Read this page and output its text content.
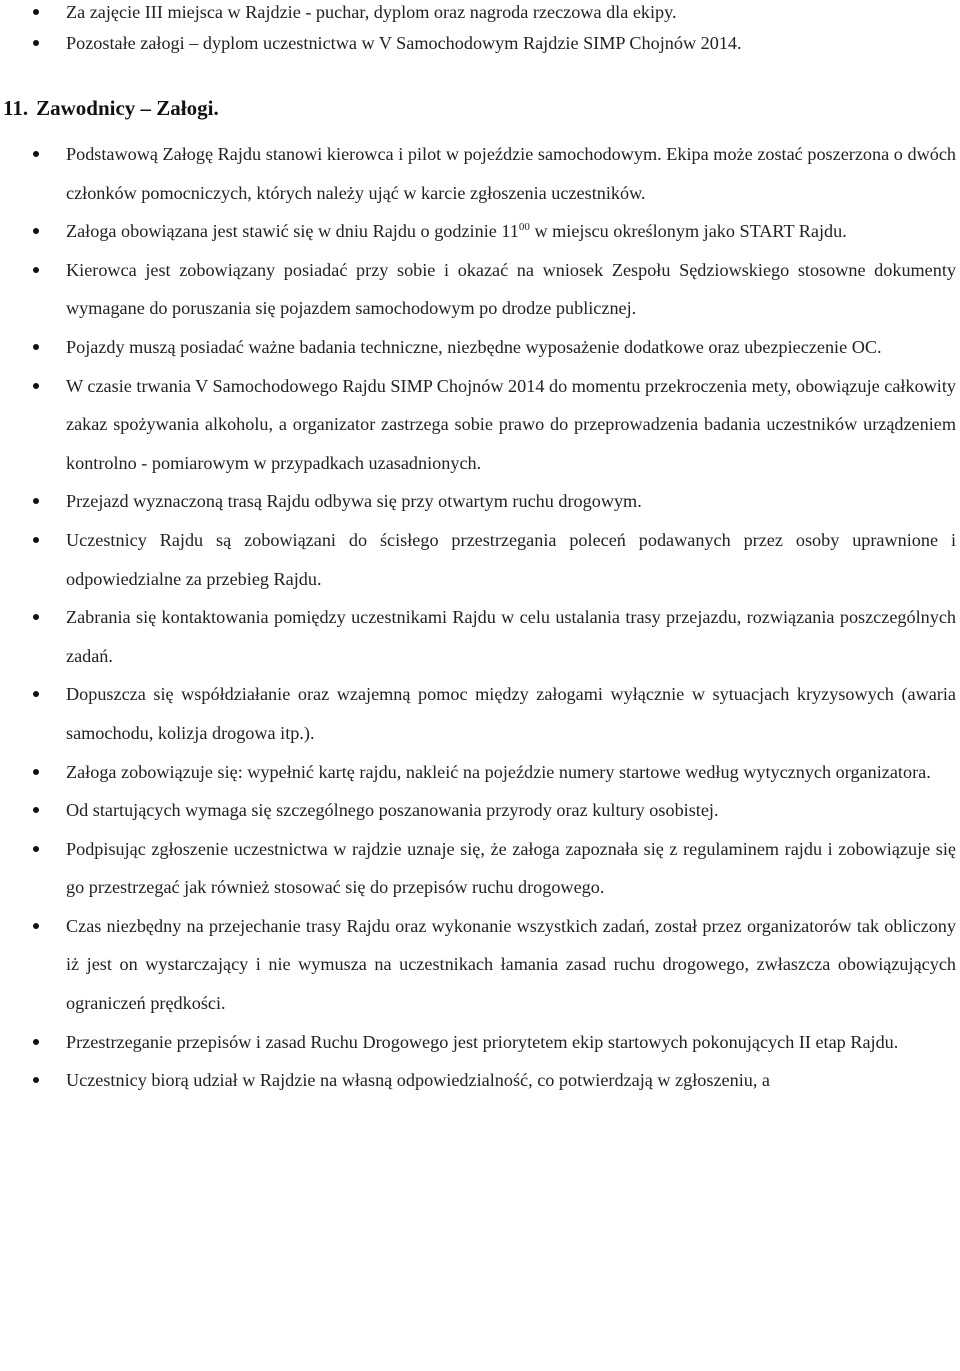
Za zajęcie III miejsca w Rajdzie - puchar, dyplom oraz nagroda rzeczowa dla ekipy.
Pozostałe załogi – dyplom uczestnictwa w V Samochodowym Rajdzie SIMP Chojnów 2014.
11. Zawodnicy – Załogi.
Podstawową Załogę Rajdu stanowi kierowca i pilot w pojeździe samochodowym. Ekipa może zostać poszerzona o dwóch członków pomocniczych, których należy ująć w karcie zgłoszenia uczestników.
Załoga obowiązana jest stawić się w dniu Rajdu o godzinie $11^{00}$ w miejscu określonym jako START Rajdu.
Kierowca jest zobowiązany posiadać przy sobie i okazać na wniosek Zespołu Sędziowskiego stosowne dokumenty wymagane do poruszania się pojazdem samochodowym po drodze publicznej.
Pojazdy muszą posiadać ważne badania techniczne, niezbędne wyposażenie dodatkowe oraz ubezpieczenie OC.
W czasie trwania V Samochodowego Rajdu SIMP Chojnów 2014 do momentu przekroczenia mety, obowiązuje całkowity zakaz spożywania alkoholu, a organizator zastrzega sobie prawo do przeprowadzenia badania uczestników urządzeniem kontrolno - pomiarowym w przypadkach uzasadnionych.
Przejazd wyznaczoną trasą Rajdu odbywa się przy otwartym ruchu drogowym.
Uczestnicy Rajdu są zobowiązani do ścisłego przestrzegania poleceń podawanych przez osoby uprawnione i odpowiedzialne za przebieg Rajdu.
Zabrania się kontaktowania pomiędzy uczestnikami Rajdu w celu ustalania trasy przejazdu, rozwiązania poszczególnych zadań.
Dopuszcza się współdziałanie oraz wzajemną pomoc między załogami wyłącznie w sytuacjach kryzysowych (awaria samochodu, kolizja drogowa itp.).
Załoga zobowiązuje się: wypełnić kartę rajdu, nakleić na pojeździe numery startowe według wytycznych organizatora.
Od startujących wymaga się szczególnego poszanowania przyrody oraz kultury osobistej.
Podpisując zgłoszenie uczestnictwa w rajdzie uznaje się, że załoga zapoznała się z regulaminem rajdu i zobowiązuje się go przestrzegać jak również stosować się do przepisów ruchu drogowego.
Czas niezbędny na przejechanie trasy Rajdu oraz wykonanie wszystkich zadań, został przez organizatorów tak obliczony iż jest on wystarczający i nie wymusza na uczestnikach łamania zasad ruchu drogowego, zwłaszcza obowiązujących ograniczeń prędkości.
Przestrzeganie przepisów i zasad Ruchu Drogowego jest priorytetem ekip startowych pokonujących II etap Rajdu.
Uczestnicy biorą udział w Rajdzie na własną odpowiedzialność, co potwierdzają w zgłoszeniu, a
